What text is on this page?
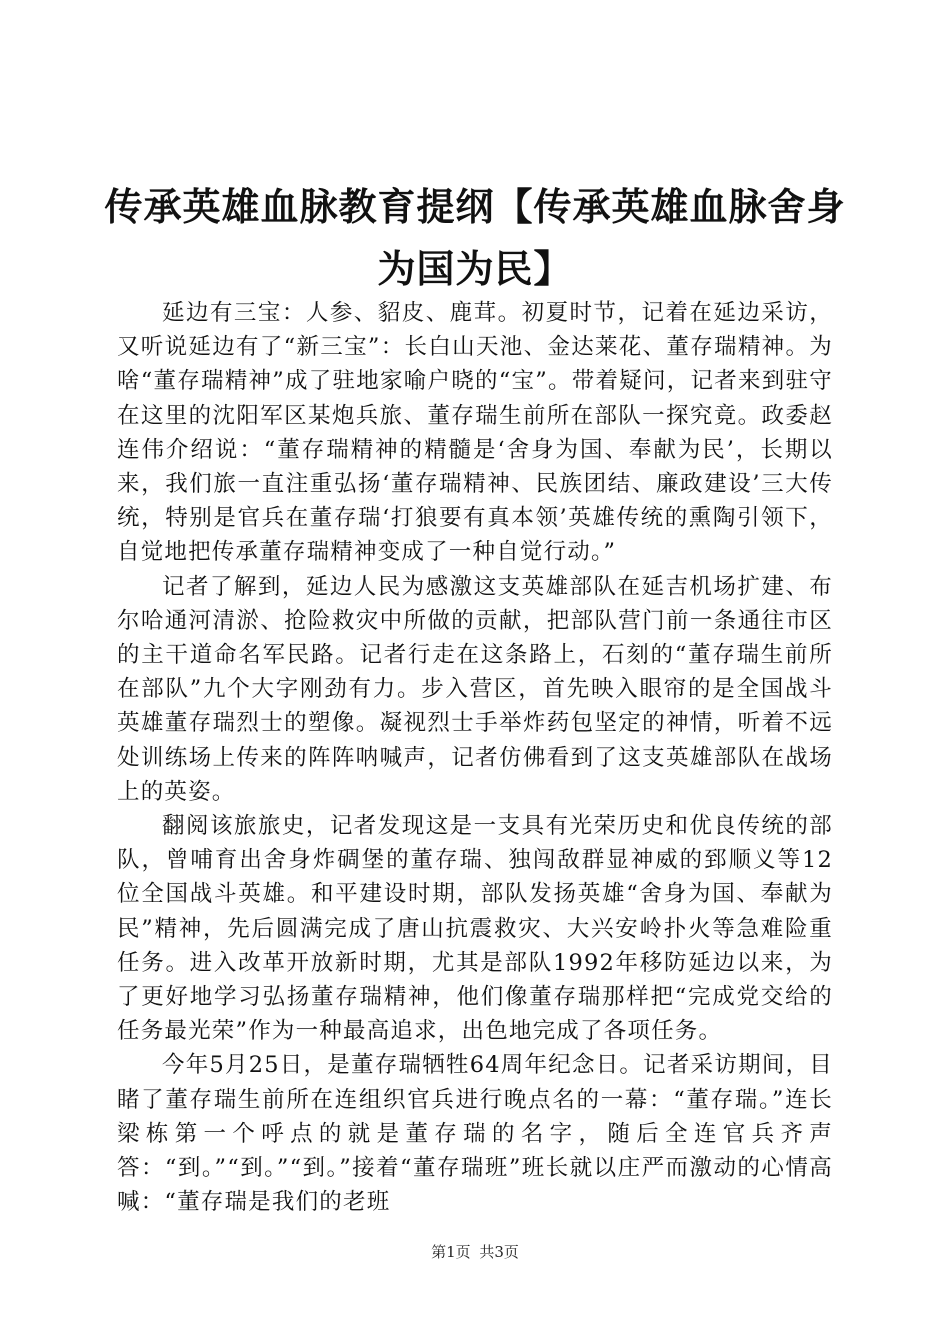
传承英雄血脉教育提纲【传承英雄血脉舍身为国为民】

延边有三宝：人参、貂皮、鹿茸。初夏时节，记着在延边采访，又听说延边有了“新三宝”：长白山天池、金达莱花、董存瑞精神。为啥“董存瑞精神”成了驻地家喻户晓的“宝”。带着疑问，记者来到驻守在这里的沈阳军区某炮兵旅、董存瑞生前所在部队一探究竟。政委赵连伟介绍说：“董存瑞精神的精髓是‘舍身为国、奉献为民’，长期以来，我们旅一直注重弘扬‘董存瑞精神、民族团结、廉政建设’三大传统，特别是官兵在董存瑞‘打狼要有真本领’英雄传统的熏陶引领下，自觉地把传承董存瑞精神变成了一种自觉行动。”

记者了解到，延边人民为感激这支英雄部队在延吉机场扩建、布尔哈通河清淤、抢险救灾中所做的贡献，把部队营门前一条通往市区的主干道命名军民路。记者行走在这条路上，石刻的“董存瑞生前所在部队”九个大字刚劲有力。步入营区，首先映入眼帘的是全国战斗英雄董存瑞烈士的塑像。凝视烈士手举炸药包坚定的神情，听着不远处训练场上传来的阵阵呐喊声，记者仿佛看到了这支英雄部队在战场上的英姿。

翻阅该旅旅史，记者发现这是一支具有光荣历史和优良传统的部队，曾哺育出舍身炸碉堡的董存瑞、独闯敌群显神威的郅顺义等12位全国战斗英雄。和平建设时期，部队发扬英雄“舍身为国、奉献为民”精神，先后圆满完成了唐山抗震救灾、大兴安岭扑火等急难险重任务。进入改革开放新时期，尤其是部队1992年移防延边以来，为了更好地学习弘扬董存瑞精神，他们像董存瑞那样把“完成党交给的任务最光荣”作为一种最高追求，出色地完成了各项任务。

今年5月25日，是董存瑞牺牲64周年纪念日。记者采访期间，目睹了董存瑞生前所在连组织官兵进行晚点名的一幕：“董存瑞。”连长梁栋第一个呼点的就是董存瑞的名字，随后全连官兵齐声答：“到。”“到。”“到。”接着“董存瑞班”班长就以庄严而激动的心情高喊：“董存瑞是我们的老班

第1页 共3页
